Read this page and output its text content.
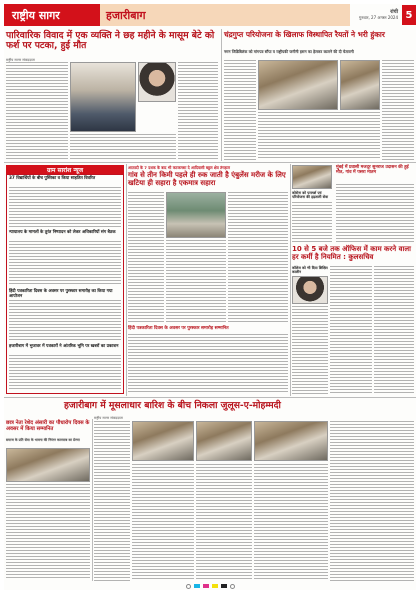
राष्ट्रीय सागर	हजारीबाग	रांची
गुरुवार, 27 अगस्त 2024 5
पारिवारिक विवाद में एक व्यक्ति ने छह महीने के मासूम बेटे को फर्श पर पटका, हुई मौत
राष्ट्रीय सागर संवाददाता
चंद्रगुप्त परियोजना के खिलाफ विस्थापित रैयतों ने भरी हुंकार
नमन जिडिबिलंक को मांगपत्र सौंपा व राष्ट्रीयकी जमीनी हसन का हेलकर कालने की दी चेतावनी
ग्राम सारांश न्यूज
37 विद्यार्थियों के बीच पुस्तिका व किया साहतित विवरित
न्यायालय के मामलों के तुरंत निष्पादन को लेकर अधिकारियों संग बैठक
हिंदी पत्रकारिता दिवस के अवसर पर पुरस्कार समारोह का किया गया आयोजन
हजारीबाग में भुजावर में पत्रकारों ने आंतरिक भूमि पर खबरों का प्रकाशन
आज़ादी के 7 दशक के बाद भी कटकमसा दे आदिवासी बहुल क्षेत्र तंगहाल
गांव से तीन किमी पहले ही रुक जाती है एंबुलेंस मरीज के लिए खटिया ही सहारा है एकमात्र सहारा
हिंदी पत्रकारिता दिवस के अवसर पर पुरस्कार समारोह सम्मानित
कोरोना को परामर्श एवं परियोजना की हड़ताली सेवा
मुंबई में प्रवासी मजदूर सुनराज उदासन की हुई मौत, गांव में पसरा मातम
10 से 5 बजे तक ऑफिस में काम करने वाला हर कर्मी है नियमित : कुलसचिव
कॉलेज को भी दिया शिक्षित कालीन
हजारीबाग में मूसलाधार बारिश के बीच निकला जुलूस-ए-मोहम्मदी
राष्ट्रीय सागर संवाददाता
छात्र नेता रेशेद अंसारी का पौधारोप दिवस के अवसर में किया सम्मानित
समाज के प्रति सेवा के भावना की निरंतर कामयाब का प्रेरणा
